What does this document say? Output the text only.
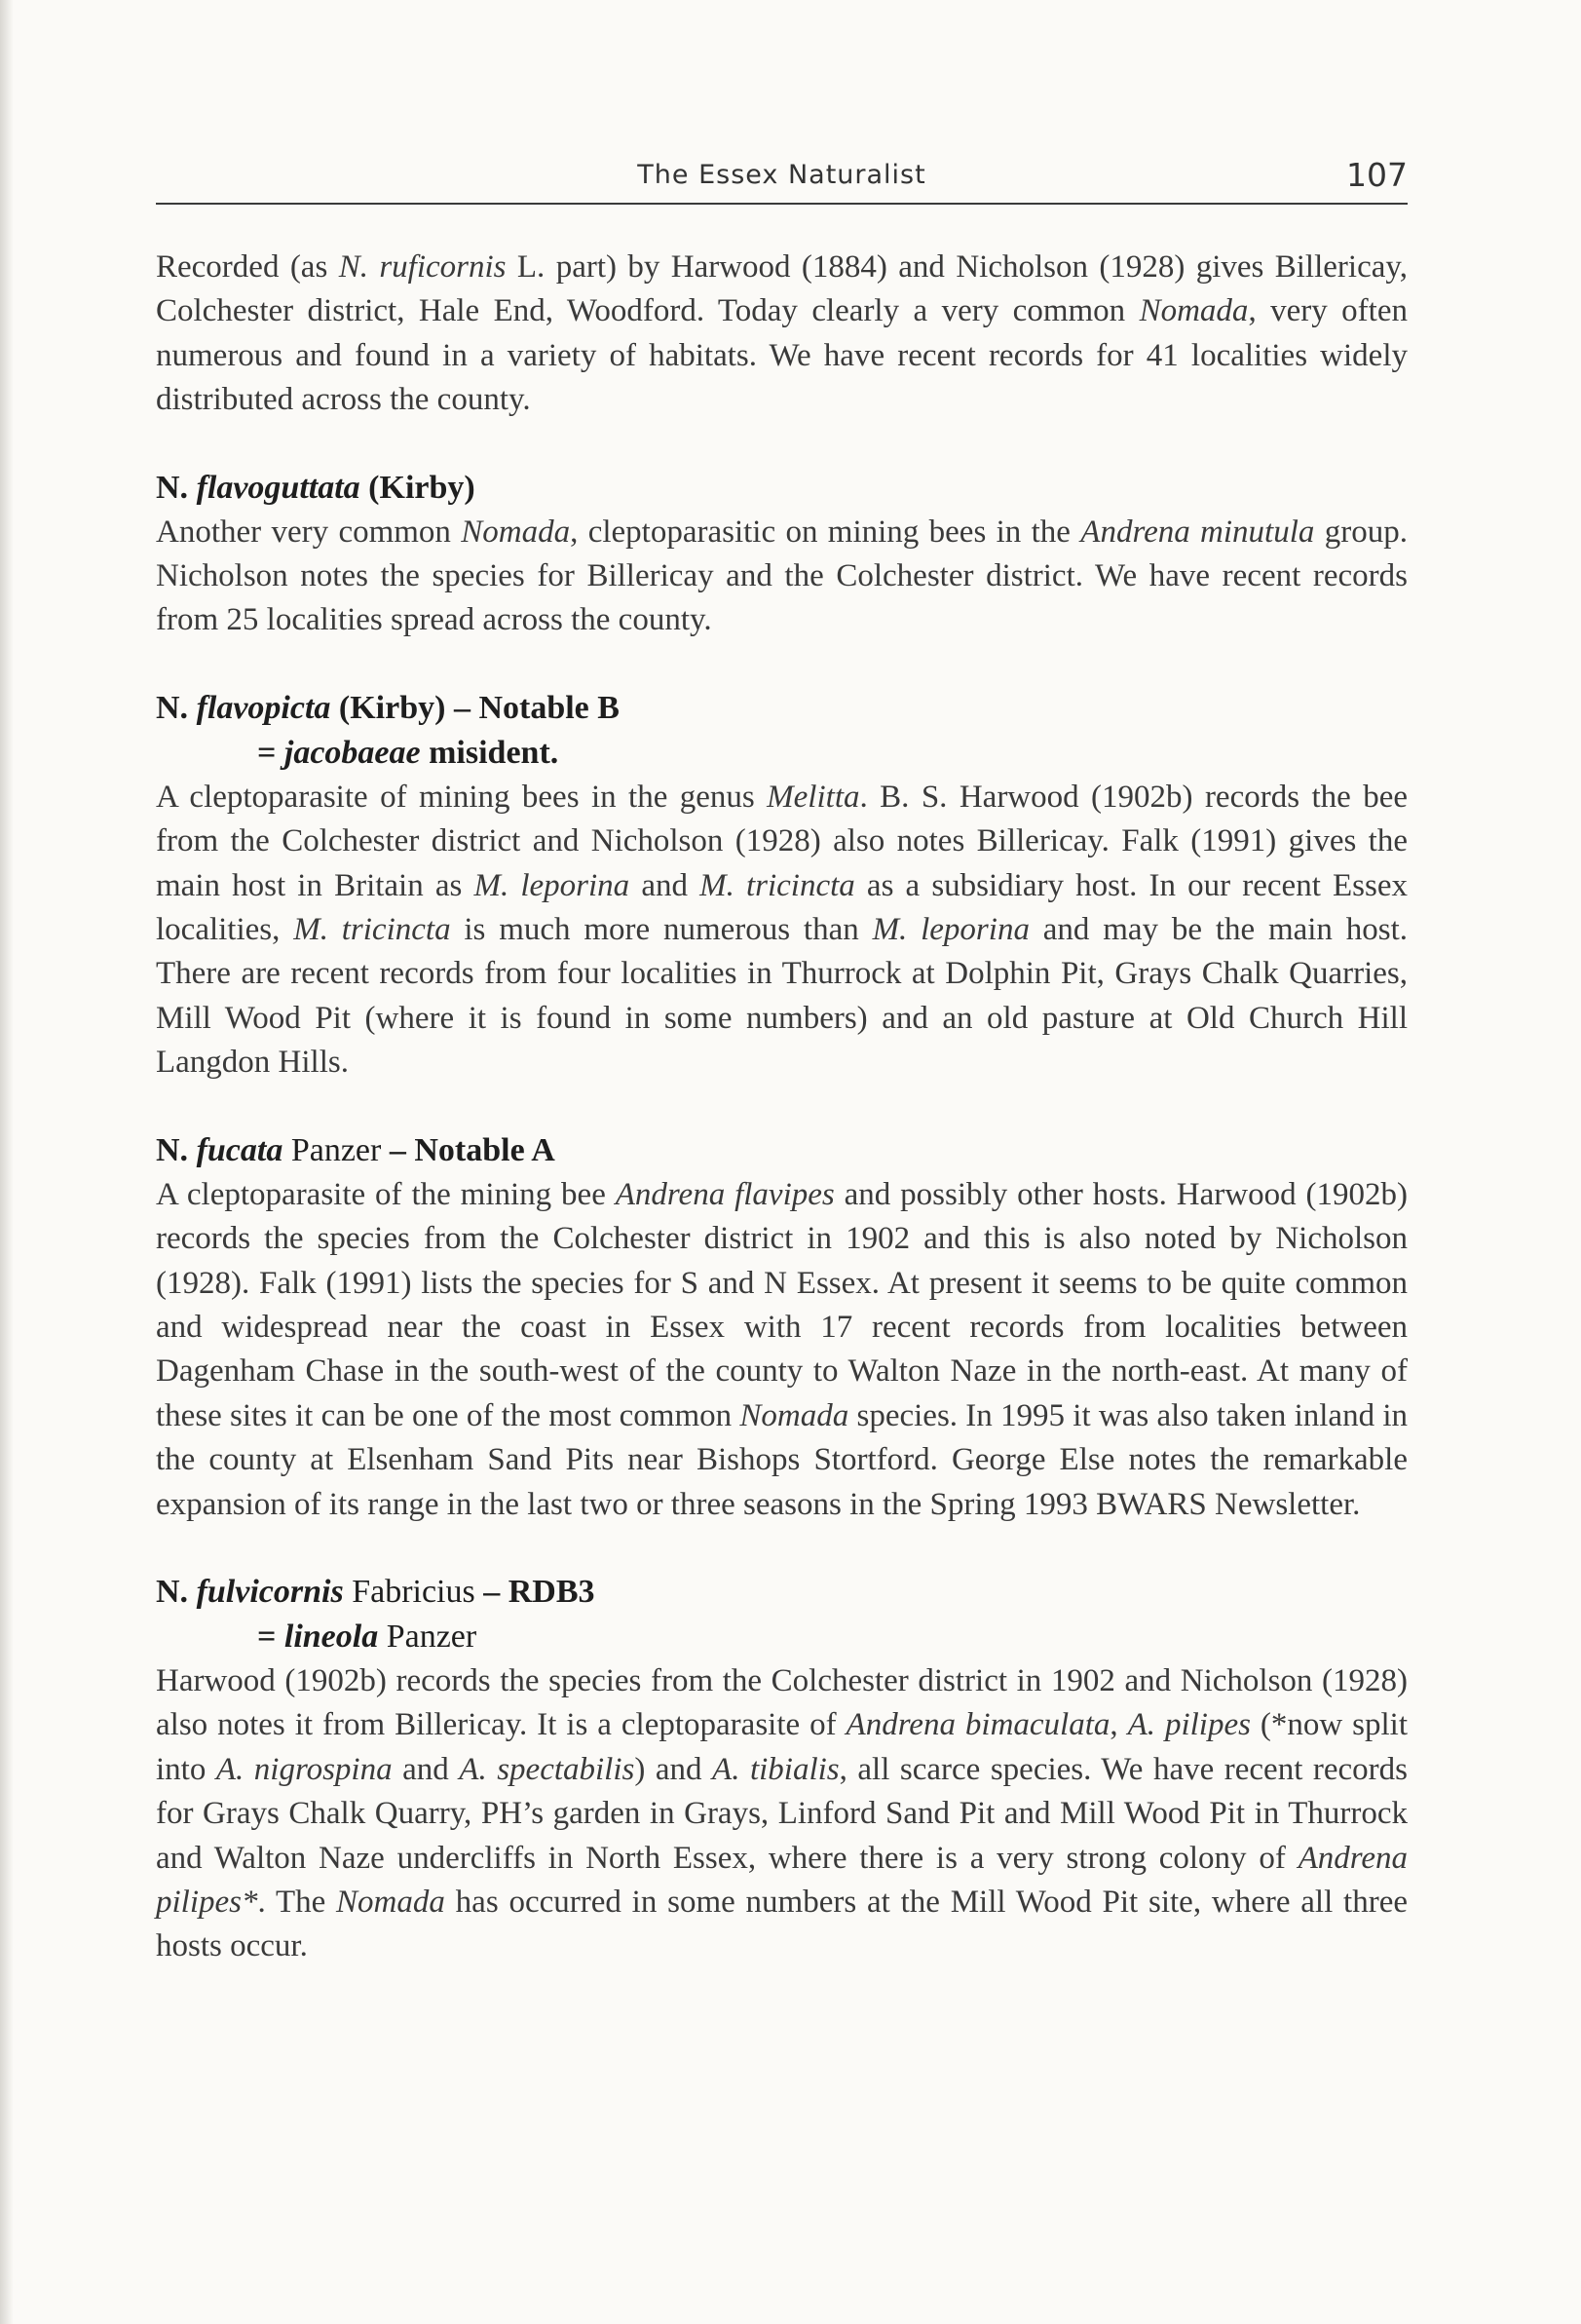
The Essex Naturalist	107

Recorded (as N. ruficornis L. part) by Harwood (1884) and Nicholson (1928) gives Billericay, Colchester district, Hale End, Woodford. Today clearly a very common Nomada, very often numerous and found in a variety of habitats. We have recent records for 41 localities widely distributed across the county.

N. flavoguttata (Kirby)

Another very common Nomada, cleptoparasitic on mining bees in the Andrena minutula group. Nicholson notes the species for Billericay and the Colchester district. We have recent records from 25 localities spread across the county.

N. flavopicta (Kirby) – Notable B
= jacobaeae misident.

A cleptoparasite of mining bees in the genus Melitta. B. S. Harwood (1902b) records the bee from the Colchester district and Nicholson (1928) also notes Billericay. Falk (1991) gives the main host in Britain as M. leporina and M. tricincta as a subsidiary host. In our recent Essex localities, M. tricincta is much more numerous than M. leporina and may be the main host. There are recent records from four localities in Thurrock at Dolphin Pit, Grays Chalk Quarries, Mill Wood Pit (where it is found in some numbers) and an old pasture at Old Church Hill Langdon Hills.

N. fucata Panzer – Notable A

A cleptoparasite of the mining bee Andrena flavipes and possibly other hosts. Harwood (1902b) records the species from the Colchester district in 1902 and this is also noted by Nicholson (1928). Falk (1991) lists the species for S and N Essex. At present it seems to be quite common and widespread near the coast in Essex with 17 recent records from localities between Dagenham Chase in the south-west of the county to Walton Naze in the north-east. At many of these sites it can be one of the most common Nomada species. In 1995 it was also taken inland in the county at Elsenham Sand Pits near Bishops Stortford. George Else notes the remarkable expansion of its range in the last two or three seasons in the Spring 1993 BWARS Newsletter.

N. fulvicornis Fabricius – RDB3
= lineola Panzer

Harwood (1902b) records the species from the Colchester district in 1902 and Nicholson (1928) also notes it from Billericay. It is a cleptoparasite of Andrena bimaculata, A. pilipes (*now split into A. nigrospina and A. spectabilis) and A. tibialis, all scarce species. We have recent records for Grays Chalk Quarry, PH’s garden in Grays, Linford Sand Pit and Mill Wood Pit in Thurrock and Walton Naze undercliffs in North Essex, where there is a very strong colony of Andrena pilipes*. The Nomada has occurred in some numbers at the Mill Wood Pit site, where all three hosts occur.
